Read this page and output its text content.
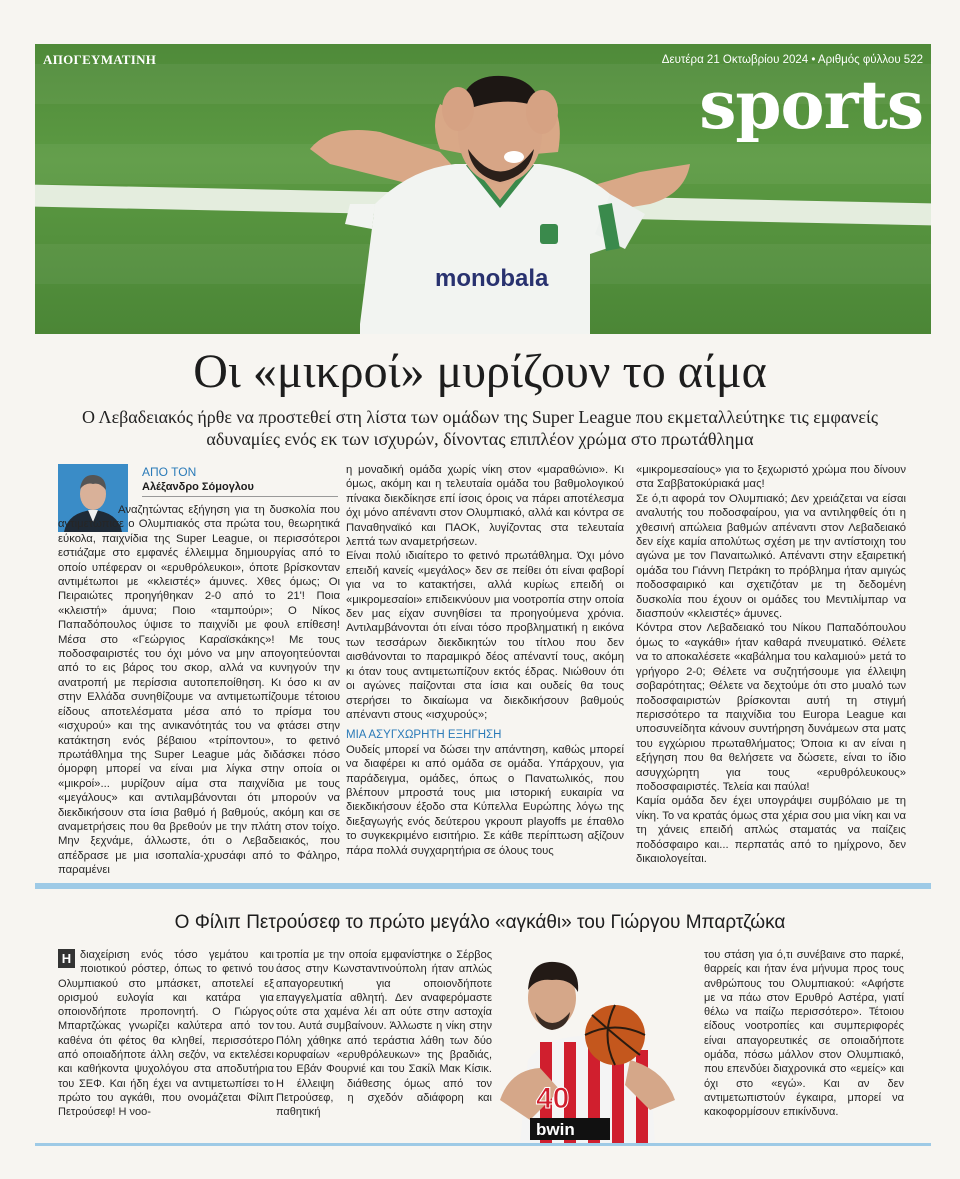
monobala
ΑΠΟΓΕΥΜΑΤΙΝΗ	Δευτέρα 21 Οκτωβρίου 2024 • Αριθμός φύλλου 522
sports
Οι «μικροί» μυρίζουν το αίμα
Ο Λεβαδειακός ήρθε να προστεθεί στη λίστα των ομάδων της Super League που εκμεταλλεύτηκε τις εμφανείς αδυναμίες ενός εκ των ισχυρών, δίνοντας επιπλέον χρώμα στο πρωτάθλημα
ΑΠΟ ΤΟΝ
Αλέξανδρο Σόμογλου

Αναζητώντας εξήγηση για τη δυσκολία που αντιμετώπισε ο Ολυμπιακός στα πρώτα του, θεωρητικά εύκολα, παιχνίδια της Super League, οι περισσότεροι εστιάζαμε στο εμφανές έλλειμμα δημιουργίας από το οποίο υπέφεραν οι «ερυθρόλευκοι», όποτε βρίσκονταν αντιμέτωποι με «κλειστές» άμυνες. Χθες όμως; Οι Πειραιώτες προηγήθηκαν 2-0 από το 21'! Ποια «κλειστή» άμυνα; Ποιο «ταμπούρι»; Ο Νίκος Παπαδόπουλος ύψισε το παιχνίδι με φουλ επίθεση! Μέσα στο «Γεώργιος Καραϊσκάκης»! Με τους ποδοσφαιριστές του όχι μόνο να μην απογοητεύονται από το εις βάρος του σκορ, αλλά να κυνηγούν την ανατροπή με περίσσια αυτοπεποίθηση. Κι όσο κι αν στην Ελλάδα συνηθίζουμε να αντιμετωπίζουμε τέτοιου είδους αποτελέσματα μέσα από το πρίσμα του «ισχυρού» και της ανικανότητάς του να φτάσει στην κατάκτηση ενός βέβαιου «τρίποντου», το φετινό πρωτάθλημα της Super League μάς διδάσκει πόσο όμορφη μπορεί να είναι μια λίγκα στην οποία οι «μικροί»... μυρίζουν αίμα στα παιχνίδια με τους «μεγάλους» και αντιλαμβάνονται ότι μπορούν να διεκδικήσουν στα ίσια βαθμό ή βαθμούς, ακόμη και σε αναμετρήσεις που θα βρεθούν με την πλάτη στον τοίχο. Μην ξεχνάμε, άλλωστε, ότι ο Λεβαδειακός, που απέδρασε με μια ισοπαλία-χρυσάφι από το Φάληρο, παραμένει

η μοναδική ομάδα χωρίς νίκη στον «μαραθώνιο». Κι όμως, ακόμη και η τελευταία ομάδα του βαθμολογικού πίνακα διεκδίκησε επί ίσοις όροις να πάρει αποτέλεσμα όχι μόνο απέναντι στον Ολυμπιακό, αλλά και κόντρα σε Παναθηναϊκό και ΠΑΟΚ, λυγίζοντας στα τελευταία λεπτά των αναμετρήσεων.

Είναι πολύ ιδιαίτερο το φετινό πρωτάθλημα. Όχι μόνο επειδή κανείς «μεγάλος» δεν σε πείθει ότι είναι φαβορί για να το κατακτήσει, αλλά κυρίως επειδή οι «μικρομεσαίοι» επιδεικνύουν μια νοοτροπία στην οποία δεν μας είχαν συνηθίσει τα προηγούμενα χρόνια. Αντιλαμβάνονται ότι είναι τόσο προβληματική η εικόνα των τεσσάρων διεκδικητών του τίτλου που δεν αισθάνονται το παραμικρό δέος απέναντί τους, ακόμη κι όταν τους αντιμετωπίζουν εκτός έδρας. Νιώθουν ότι οι αγώνες παίζονται στα ίσια και ουδείς θα τους στερήσει το δικαίωμα να διεκδικήσουν βαθμούς απέναντι στους «ισχυρούς»;

ΜΙΑ ΑΣΥΓΧΩΡΗΤΗ ΕΞΗΓΗΣΗ

Ουδείς μπορεί να δώσει την απάντηση, καθώς μπορεί να διαφέρει κι από ομάδα σε ομάδα. Υπάρχουν, για παράδειγμα, ομάδες, όπως ο Πανατωλικός, που βλέπουν μπροστά τους μια ιστορική ευκαιρία να διεκδικήσουν έξοδο στα Κύπελλα Ευρώπης λόγω της διεξαγωγής ενός δεύτερου γκρουπ playoffs με έπαθλο το συγκεκριμένο εισιτήριο. Σε κάθε περίπτωση αξίζουν πάρα πολλά συγχαρητήρια σε όλους τους

«μικρομεσαίους» για το ξεχωριστό χρώμα που δίνουν στα Σαββατοκύριακά μας!

Σε ό,τι αφορά τον Ολυμπιακό; Δεν χρειάζεται να είσαι αναλυτής του ποδοσφαίρου, για να αντιληφθείς ότι η χθεσινή απώλεια βαθμών απέναντι στον Λεβαδειακό δεν είχε καμία απολύτως σχέση με την αντίστοιχη του αγώνα με τον Παναιτωλικό. Απέναντι στην εξαιρετική ομάδα του Γιάννη Πετράκη το πρόβλημα ήταν αμιγώς ποδοσφαιρικό και σχετιζόταν με τη δεδομένη δυσκολία που έχουν οι ομάδες του Μεντιλίμπαρ να διασπούν «κλειστές» άμυνες.

Κόντρα στον Λεβαδειακό του Νίκου Παπαδόπουλου όμως το «αγκάθι» ήταν καθαρά πνευματικό. Θέλετε να το αποκαλέσετε «καβάλημα του καλαμιού» μετά το γρήγορο 2-0; Θέλετε να συζητήσουμε για έλλειψη σοβαρότητας; Θέλετε να δεχτούμε ότι στο μυαλό των ποδοσφαιριστών βρίσκονται αυτή τη στιγμή περισσότερο τα παιχνίδια του Europa League και υποσυνείδητα κάνουν συντήρηση δυνάμεων στα ματς του εγχώριου πρωταθλήματος; Όποια κι αν είναι η εξήγηση που θα θελήσετε να δώσετε, είναι το ίδιο ασυγχώρητη για τους «ερυθρόλευκους» ποδοσφαιριστές. Τελεία και παύλα!

Καμία ομάδα δεν έχει υπογράψει συμβόλαιο με τη νίκη. Το να κρατάς όμως στα χέρια σου μια νίκη και να τη χάνεις επειδή απλώς σταματάς να παίζεις ποδόσφαιρο και... περπατάς από το ημίχρονο, δεν δικαιολογείται.

Ο Φίλιπ Πετρούσεφ το πρώτο μεγάλο «αγκάθι» του Γιώργου Μπαρτζώκα
Η διαχείριση ενός τόσο γεμάτου και ποιοτικού ρόστερ, όπως το φετινό του Ολυμπιακού στο μπάσκετ, αποτελεί εξ ορισμού ευλογία και κατάρα για οποιονδήποτε προπονητή. Ο Γιώργος Μπαρτζώκας γνωρίζει καλύτερα από τον καθένα ότι φέτος θα κληθεί, περισσότερο από οποιαδήποτε άλλη σεζόν, να εκτελέσει και καθήκοντα ψυχολόγου στα αποδυτήρια του ΣΕΦ. Και ήδη έχει να αντιμετωπίσει το πρώτο του αγκάθι, που ονομάζεται Φίλιπ Πετρούσεφ! Η νοο-

τροπία με την οποία εμφανίστηκε ο Σέρβος άσος στην Κωνσταντινούπολη ήταν απλώς απαγορευτική για οποιονδήποτε επαγγελματία αθλητή. Δεν αναφερόμαστε ούτε στα χαμένα λέι απ ούτε στην αστοχία του. Αυτά συμβαίνουν. Άλλωστε η νίκη στην Πόλη χάθηκε από τεράστια λάθη των δύο κορυφαίων «ερυθρόλευκων» της βραδιάς, του Εβάν Φουρνιέ και του Σακίλ Μακ Κίσικ. Η έλλειψη διάθεσης όμως από τον Πετρούσεφ, η σχεδόν αδιάφορη και παθητική	40
bwin

του στάση για ό,τι συνέβαινε στο παρκέ, θαρρείς και ήταν ένα μήνυμα προς τους ανθρώπους του Ολυμπιακού: «Αφήστε με να πάω στον Ερυθρό Αστέρα, γιατί θέλω να παίζω περισσότερο». Τέτοιου είδους νοοτροπίες και συμπεριφορές είναι απαγορευτικές σε οποιαδήποτε ομάδα, πόσω μάλλον στον Ολυμπιακό, που επενδύει διαχρονικά στο «εμείς» και όχι στο «εγώ». Και αν δεν αντιμετωπιστούν έγκαιρα, μπορεί να κακοφορμίσουν επικίνδυνα.
